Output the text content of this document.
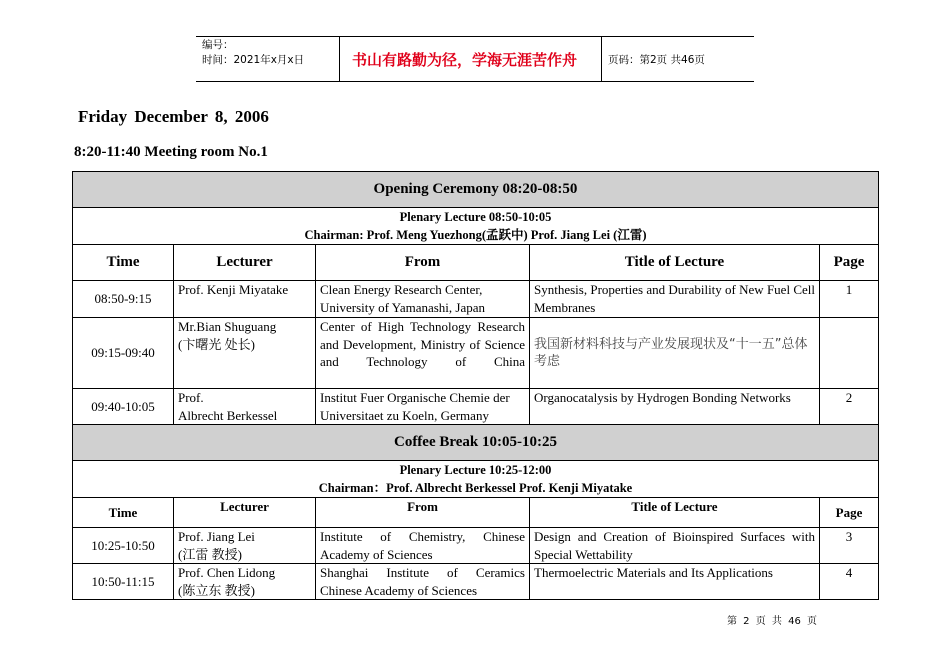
编号：
时间：2021年x月x日	书山有路勤为径，学海无涯苦作舟	页码：第2页 共46页
Friday December 8, 2006
8:20-11:40 Meeting room No.1
Opening Ceremony 08:20-08:50				

Plenary Lecture 08:50-10:05
Chairman: Prof. Meng Yuezhong(孟跃中) Prof. Jiang Lei (江雷)				

Time	Lecturer	From	Title of Lecture	Page
08:50-9:15	Prof. Kenji Miyatake	Clean Energy Research Center, University of Yamanashi, Japan	Synthesis, Properties and Durability of New Fuel Cell Membranes	1
09:15-09:40	Mr.Bian Shuguang
(卞曙光 处长)	Center of High Technology Research and Development, Ministry of Science and Technology of China	我国新材料科技与产业发展现状及“十一五”总体考虑	
09:40-10:05	Prof.
Albrecht Berkessel	Institut Fuer Organische Chemie der Universitaet zu Koeln, Germany	Organocatalysis by Hydrogen Bonding Networks	2
Coffee Break 10:05-10:25				

Plenary Lecture 10:25-12:00
Chairman：Prof. Albrecht Berkessel Prof. Kenji Miyatake				

Time	Lecturer	From	Title of Lecture	Page
10:25-10:50	Prof. Jiang Lei
(江雷 教授)	Institute of Chemistry, Chinese
Academy of Sciences	Design and Creation of Bioinspired Surfaces with Special Wettability	3
10:50-11:15	Prof. Chen Lidong
(陈立东 教授)	Shanghai Institute of Ceramics Chinese Academy of Sciences	Thermoelectric Materials and Its Applications	4
第 2 页 共 46 页
